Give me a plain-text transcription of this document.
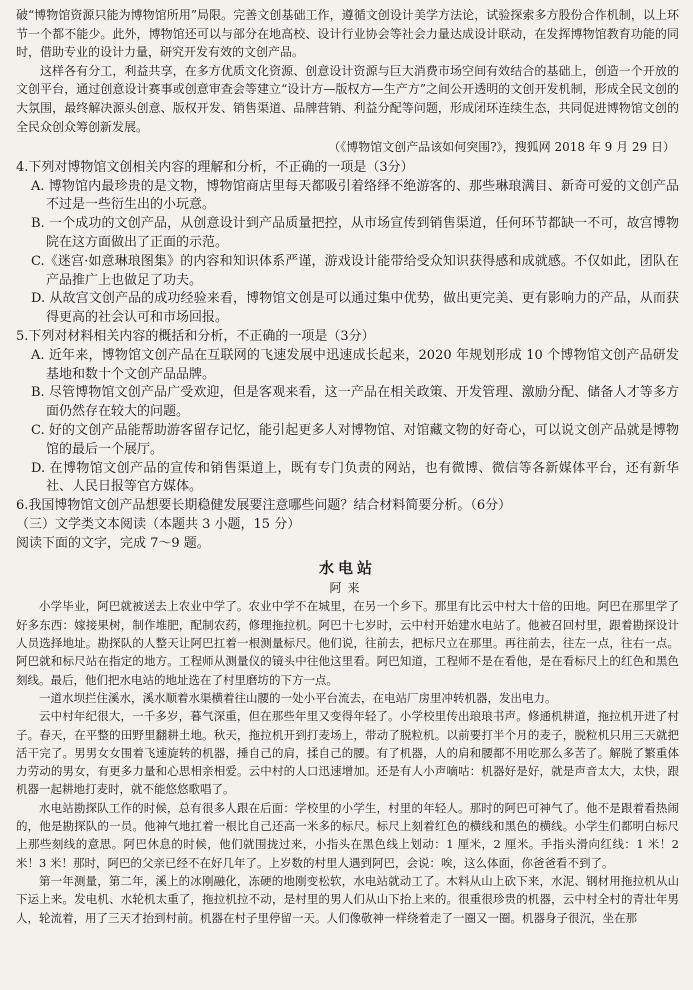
破“博物馆资源只能为博物馆所用”局限。完善文创基础工作，遵循文创设计美学方法论，试验探索多方股份合作机制，以上环节一个都不能少。此外，博物馆还可以与部分在地高校、设计行业协会等社会力量达成设计联动，在发挥博物馆教育功能的同时，借助专业的设计力量，研究开发有效的文创产品。

这样各有分工，利益共享，在多方优质文化资源、创意设计资源与巨大消费市场空间有效结合的基础上，创造一个开放的文创平台，通过创意设计赛事或创意审查会等建立“设计方—版权方—生产方”之间公开透明的文创开发机制，形成全民文创的大氛围，最终解决源头创意、版权开发、销售渠道、品牌营销、利益分配等问题，形成闭环连续生态，共同促进博物馆文创的全民众创众筹创新发展。

（《博物馆文创产品该如何突围?》，搜狐网 2018 年 9 月 29 日）

4.下列对博物馆文创相关内容的理解和分析，不正确的一项是（3分）

A. 博物馆内最珍贵的是文物，博物馆商店里每天都吸引着络绎不绝游客的、那些琳琅满目、新奇可爱的文创产品不过是一些衍生出的小玩意。

B. 一个成功的文创产品，从创意设计到产品质量把控，从市场宣传到销售渠道，任何环节都缺一不可，故宫博物院在这方面做出了正面的示范。

C.《迷宫·如意琳琅图集》的内容和知识体系严谨，游戏设计能带给受众知识获得感和成就感。不仅如此，团队在产品推广上也做足了功夫。

D. 从故宫文创产品的成功经验来看，博物馆文创是可以通过集中优势，做出更完美、更有影响力的产品，从而获得更高的社会认可和市场回报。

5.下列对材料相关内容的概括和分析，不正确的一项是（3分）

A. 近年来，博物馆文创产品在互联网的飞速发展中迅速成长起来，2020 年规划形成 10 个博物馆文创产品研发基地和数十个文创产品品牌。

B. 尽管博物馆文创产品广受欢迎，但是客观来看，这一产品在相关政策、开发管理、激励分配、储备人才等多方面仍然存在较大的问题。

C. 好的文创产品能帮助游客留存记忆，能引起更多人对博物馆、对馆藏文物的好奇心，可以说文创产品就是博物馆的最后一个展厅。

D. 在博物馆文创产品的宣传和销售渠道上，既有专门负责的网站，也有微博、微信等各新媒体平台，还有新华社、人民日报等官方媒体。

6.我国博物馆文创产品想要长期稳健发展要注意哪些问题？结合材料简要分析。（6分）

（三）文学类文本阅读（本题共 3 小题，15 分）

阅读下面的文字，完成 7～9 题。

水电站
阿来

小学毕业，阿巴就被送去上农业中学了。农业中学不在城里，在另一个乡下。那里有比云中村大十倍的田地。阿巴在那里学了好多东西：嫁接果树，制作堆肥，配制农药，修理拖拉机。阿巴十七岁时，云中村开始建水电站了。他被召回村里，跟着勘探设计人员选择地址。勘探队的人整天让阿巴扛着一根测量标尺。他们说，往前去，把标尺立在那里。再往前去，往左一点，往右一点。阿巴就和标尺站在指定的地方。工程师从测量仪的镜头中往他这里看。阿巴知道，工程师不是在看他，是在看标尺上的红色和黑色刻线。最后，他们把水电站的地址选在了村里磨坊的下方一点。

一道水坝拦住溪水，溪水顺着水渠横着往山腰的一处小平台流去，在电站厂房里冲转机器，发出电力。

云中村年纪很大，一千多岁，暮气深重，但在那些年里又变得年轻了。小学校里传出琅琅书声。修通机耕道，拖拉机开进了村子。春天，在平整的田野里翻耕土地。秋天，拖拉机开到打麦场上，带动了脱粒机。以前要打半个月的麦子，脱粒机只用三天就把活干完了。男男女女围着飞速旋转的机器，捶自己的肩，揉自己的腰。有了机器，人的肩和腰都不用吃那么多苦了。解脱了繁重体力劳动的男女，有更多力量和心思相亲相爱。云中村的人口迅速增加。还是有人小声嘀咕：机器好是好，就是声音太大，太快，跟机器一起耕地打麦时，就不能悠悠歌唱了。

水电站勘探队工作的时候，总有很多人跟在后面：学校里的小学生，村里的年轻人。那时的阿巴可神气了。他不是跟着看热闹的，他是勘探队的一员。他神气地扛着一根比自己还高一米多的标尺。标尺上刻着红色的横线和黑色的横线。小学生们都明白标尺上那些刻线的意思。阿巴休息的时候，他们就围拢过来，小指头在黑色线上划动：1 厘米，2 厘米。手指头滑向红线：1 米！2 米！3 米！那时，阿巴的父亲已经不在好几年了。上岁数的村里人遇到阿巴，会说：唉，这么体面，你爸爸看不到了。

第一年测量，第二年，溪上的冰刚融化，冻硬的地刚变松软，水电站就动工了。木料从山上砍下来，水泥、钢材用拖拉机从山下运上来。发电机、水轮机太重了，拖拉机拉不动，是村里的男人们从山下抬上来的。很重很珍贵的机器，云中村全村的青壮年男人，轮流着，用了三天才抬到村前。机器在村子里停留一天。人们像敬神一样绕着走了一圈又一圈。机器身子很沉，坐在那
